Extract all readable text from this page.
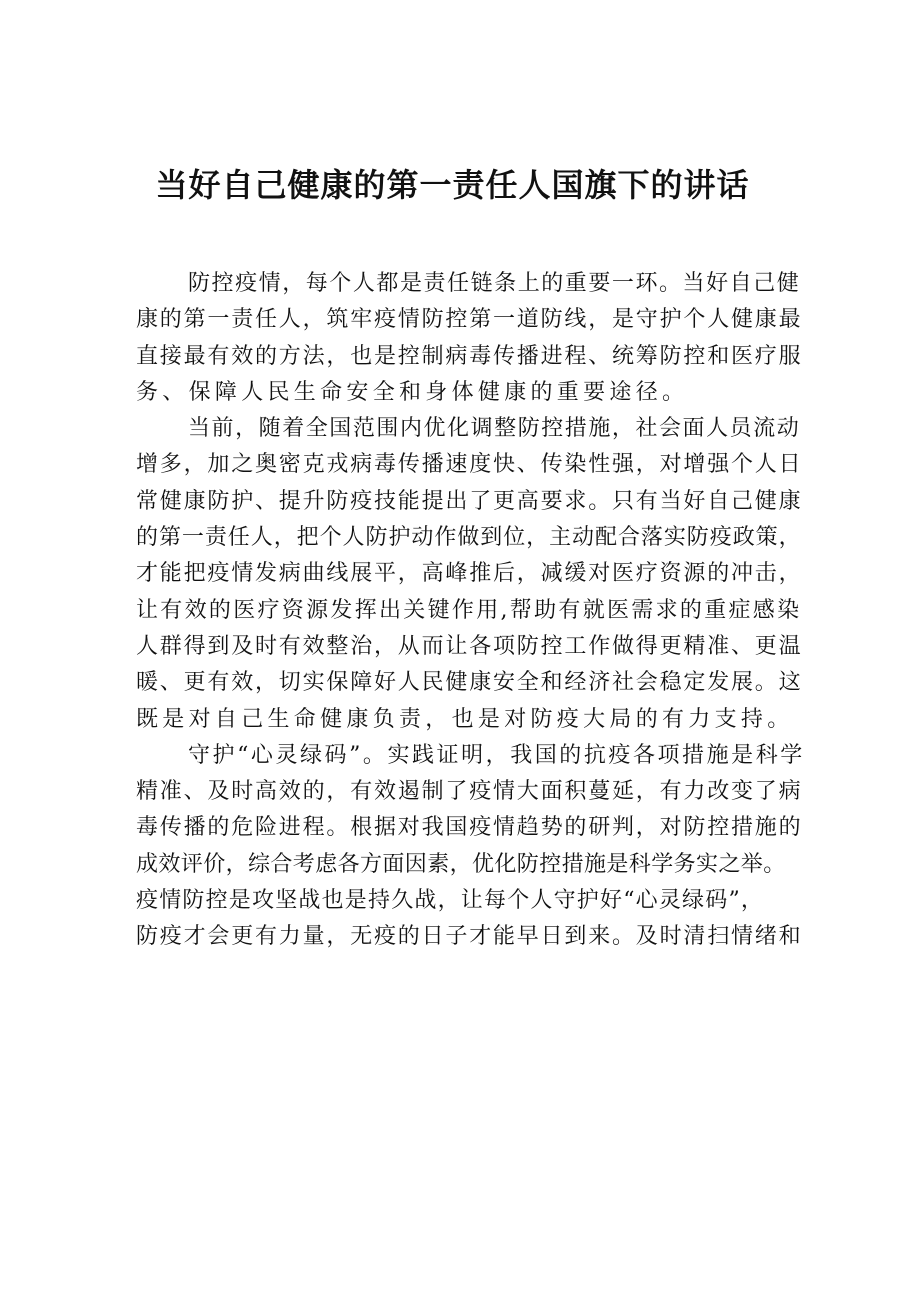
当好自己健康的第一责任人国旗下的讲话

防控疫情，每个人都是责任链条上的重要一环。当好自己健
康的第一责任人，筑牢疫情防控第一道防线，是守护个人健康最
直接最有效的方法，也是控制病毒传播进程、统筹防控和医疗服
务、保障人民生命安全和身体健康的重要途径。

当前，随着全国范围内优化调整防控措施，社会面人员流动
增多，加之奥密克戎病毒传播速度快、传染性强，对增强个人日
常健康防护、提升防疫技能提出了更高要求。只有当好自己健康
的第一责任人，把个人防护动作做到位，主动配合落实防疫政策，
才能把疫情发病曲线展平，高峰推后，减缓对医疗资源的冲击，
让有效的医疗资源发挥出关键作用,帮助有就医需求的重症感染
人群得到及时有效整治，从而让各项防控工作做得更精准、更温
暖、更有效，切实保障好人民健康安全和经济社会稳定发展。这
既是对自己生命健康负责，也是对防疫大局的有力支持。

守护“心灵绿码”。实践证明，我国的抗疫各项措施是科学
精准、及时高效的，有效遏制了疫情大面积蔓延，有力改变了病
毒传播的危险进程。根据对我国疫情趋势的研判，对防控措施的
成效评价，综合考虑各方面因素，优化防控措施是科学务实之举。
疫情防控是攻坚战也是持久战，让每个人守护好“心灵绿码”，
防疫才会更有力量，无疫的日子才能早日到来。及时清扫情绪和
